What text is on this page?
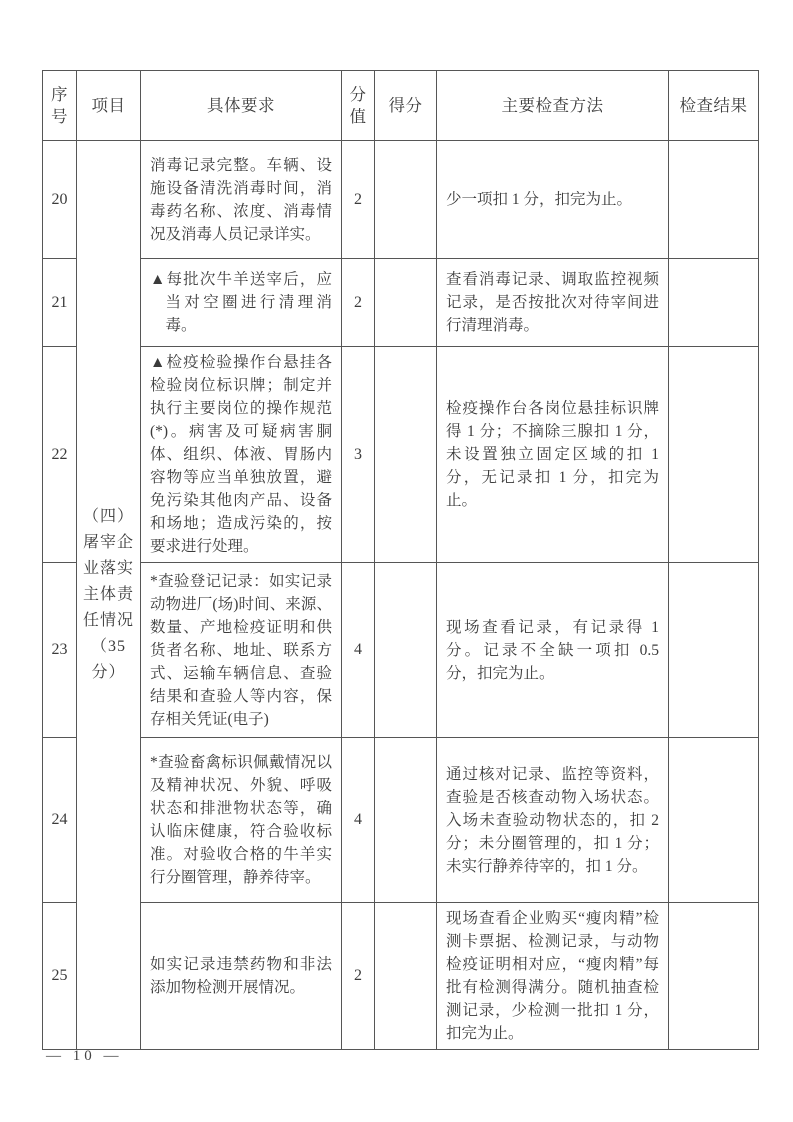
序号	项目	具体要求	分值	得分	主要检查方法	检查结果
20	（四）屠宰企业落实主体责任情况（35分）	消毒记录完整。车辆、设施设备清洗消毒时间，消毒药名称、浓度、消毒情况及消毒人员记录详实。	2		少一项扣 1 分，扣完为止。	

21		▲每批次牛羊送宰后，应当对空圈进行清理消毒。	2		查看消毒记录、调取监控视频记录，是否按批次对待宰间进行清理消毒。	

22		▲检疫检验操作台悬挂各检验岗位标识牌；制定并执行主要岗位的操作规范(*)。病害及可疑病害胴体、组织、体液、胃肠内容物等应当单独放置，避免污染其他肉产品、设备和场地；造成污染的，按要求进行处理。	3		检疫操作台各岗位悬挂标识牌得 1 分；不摘除三腺扣 1 分，未设置独立固定区域的扣 1 分，无记录扣 1 分，扣完为止。	

23		*查验登记记录：如实记录动物进厂(场)时间、来源、数量、产地检疫证明和供货者名称、地址、联系方式、运输车辆信息、查验结果和查验人等内容，保存相关凭证(电子)	4		现场查看记录，有记录得 1 分。记录不全缺一项扣 0.5 分，扣完为止。	

24		*查验畜禽标识佩戴情况以及精神状况、外貌、呼吸状态和排泄物状态等，确认临床健康，符合验收标准。对验收合格的牛羊实行分圈管理，静养待宰。	4		通过核对记录、监控等资料，查验是否核查动物入场状态。入场未查验动物状态的，扣 2 分；未分圈管理的，扣 1 分；未实行静养待宰的，扣 1 分。	

25		如实记录违禁药物和非法添加物检测开展情况。	2		现场查看企业购买“瘦肉精”检测卡票据、检测记录，与动物检疫证明相对应，“瘦肉精”每批有检测得满分。随机抽查检测记录，少检测一批扣 1 分，扣完为止。	

— 10 —
